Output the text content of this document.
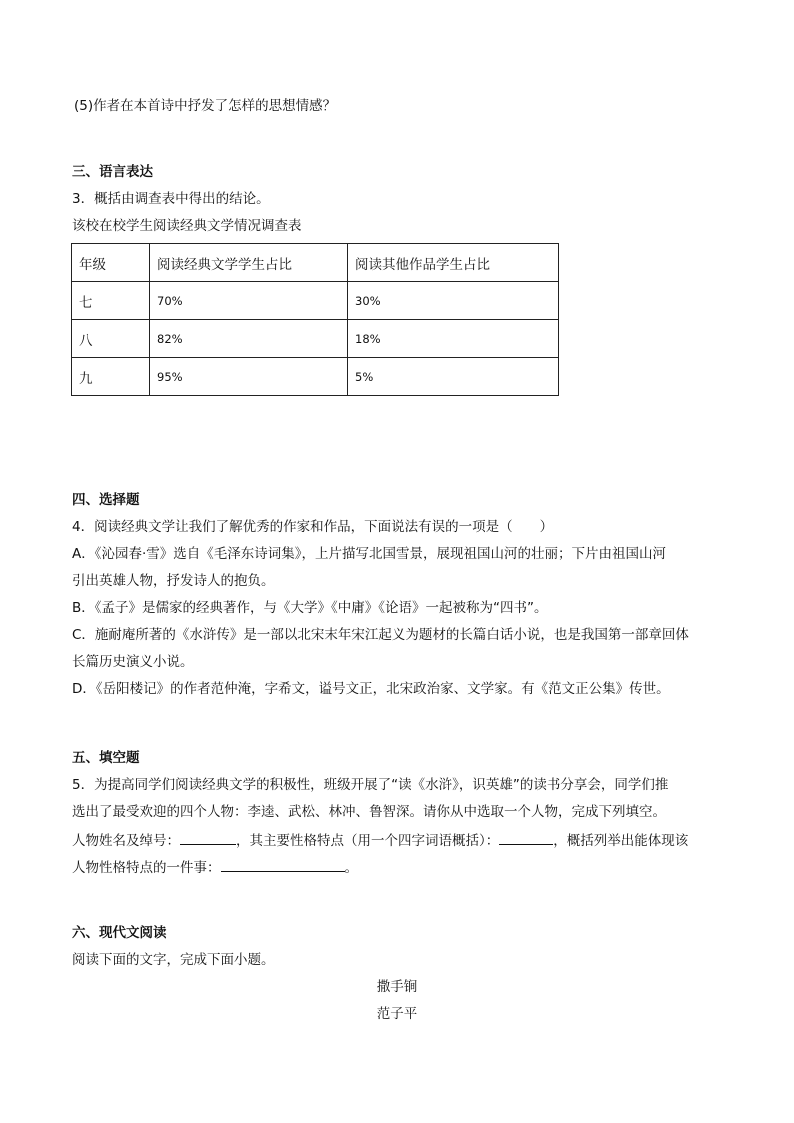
(5)作者在本首诗中抒发了怎样的思想情感？
三、语言表达
3．概括由调查表中得出的结论。
该校在校学生阅读经典文学情况调查表
年级	阅读经典文学学生占比	阅读其他作品学生占比
七	70%	30%
八	82%	18%
九	95%	5%
四、选择题
4．阅读经典文学让我们了解优秀的作家和作品，下面说法有误的一项是（　　）
A．《沁园春·雪》选自《毛泽东诗词集》，上片描写北国雪景，展现祖国山河的壮丽；下片由祖国山河
引出英雄人物，抒发诗人的抱负。
B．《孟子》是儒家的经典著作，与《大学》《中庸》《论语》一起被称为“四书”。
C．施耐庵所著的《水浒传》是一部以北宋末年宋江起义为题材的长篇白话小说，也是我国第一部章回体
长篇历史演义小说。
D．《岳阳楼记》的作者范仲淹，字希文，谥号文正，北宋政治家、文学家。有《范文正公集》传世。
五、填空题
5．为提高同学们阅读经典文学的积极性，班级开展了“读《水浒》，识英雄”的读书分享会，同学们推
选出了最受欢迎的四个人物：李逵、武松、林冲、鲁智深。请你从中选取一个人物，完成下列填空。
人物姓名及绰号：	，其主要性格特点（用一个四字词语概括）：	，概括列举出能体现该
人物性格特点的一件事：	。
六、现代文阅读
阅读下面的文字，完成下面小题。
撒手锏
范子平
